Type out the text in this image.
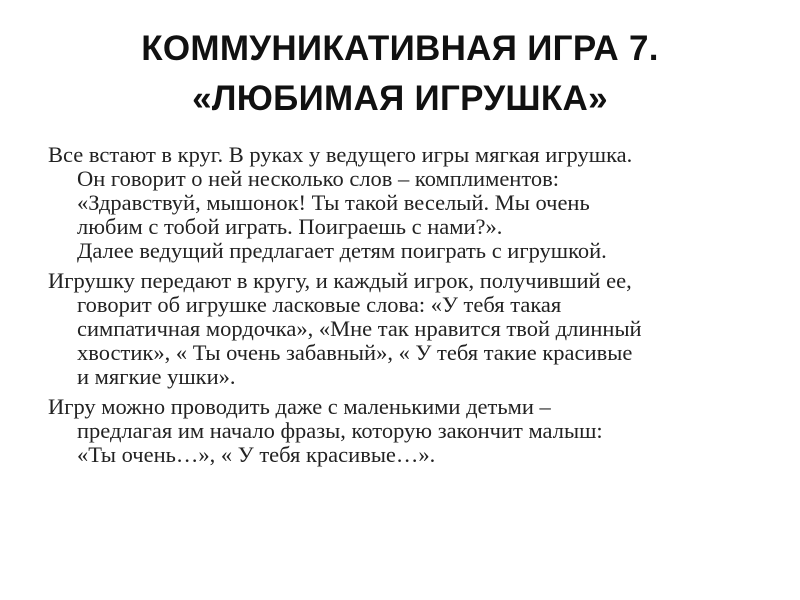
КОММУНИКАТИВНАЯ ИГРА 7.
«ЛЮБИМАЯ ИГРУШКА»

Все встают в круг. В руках у ведущего игры мягкая игрушка.
Он говорит о ней несколько слов – комплиментов:
«Здравствуй, мышонок! Ты такой веселый. Мы очень
любим с тобой играть. Поиграешь с нами?».
Далее ведущий предлагает детям поиграть с игрушкой.

Игрушку передают в кругу, и каждый игрок, получивший ее,
говорит об игрушке ласковые слова: «У тебя такая
симпатичная мордочка», «Мне так нравится твой длинный
хвостик», « Ты очень забавный», « У тебя такие красивые
и мягкие ушки».

Игру можно проводить даже с маленькими детьми –
предлагая им начало фразы, которую закончит малыш:
«Ты очень…», « У тебя красивые…».
